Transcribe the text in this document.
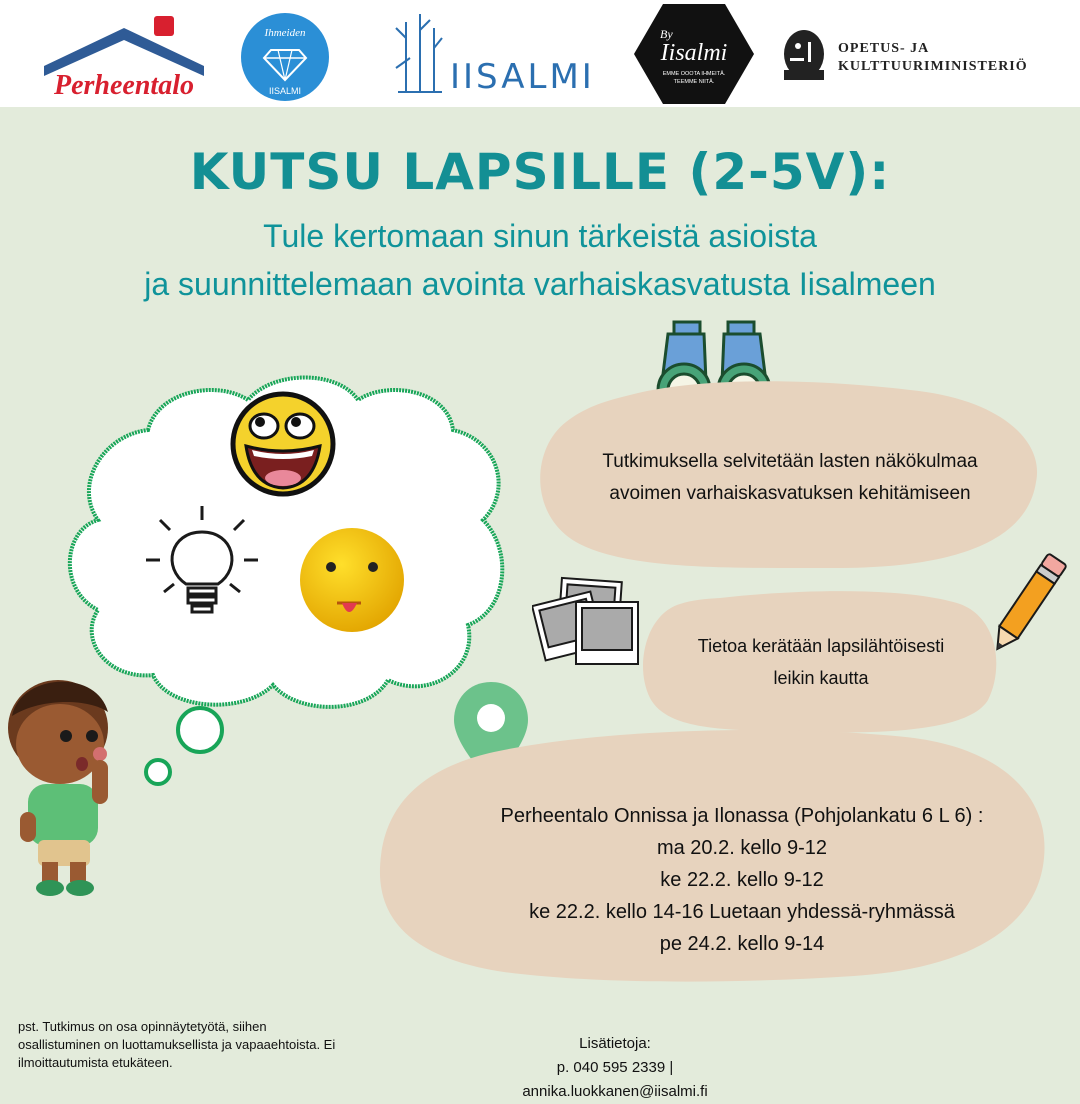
Perheentalo
Ihmeiden
IISALMI	IISALMI
By
Iisalmi
EMME OOOTA IHMEITÄ.
TEEMME NIITÄ.
OPETUS- JA
KULTTUURIMINISTERIÖ
KUTSU LAPSILLE (2-5V):
Tule kertomaan sinun tärkeistä asioista
ja suunnittelemaan avointa varhaiskasvatusta Iisalmeen
Tutkimuksella selvitetään lasten näkökulmaa
avoimen varhaiskasvatuksen kehitämiseen
Tietoa kerätään lapsilähtöisesti
leikin kautta
Perheentalo Onnissa ja Ilonassa (Pohjolankatu 6 L 6) :
ma 20.2. kello 9-12
ke 22.2. kello 9-12
ke 22.2. kello 14-16 Luetaan yhdessä-ryhmässä
pe 24.2. kello 9-14
pst. Tutkimus on osa opinnäytetyötä, siihen
osallistuminen on luottamuksellista ja vapaaehtoista. Ei
ilmoittautumista etukäteen.
Lisätietoja:
p. 040 595 2339 | annika.luokkanen@iisalmi.fi
